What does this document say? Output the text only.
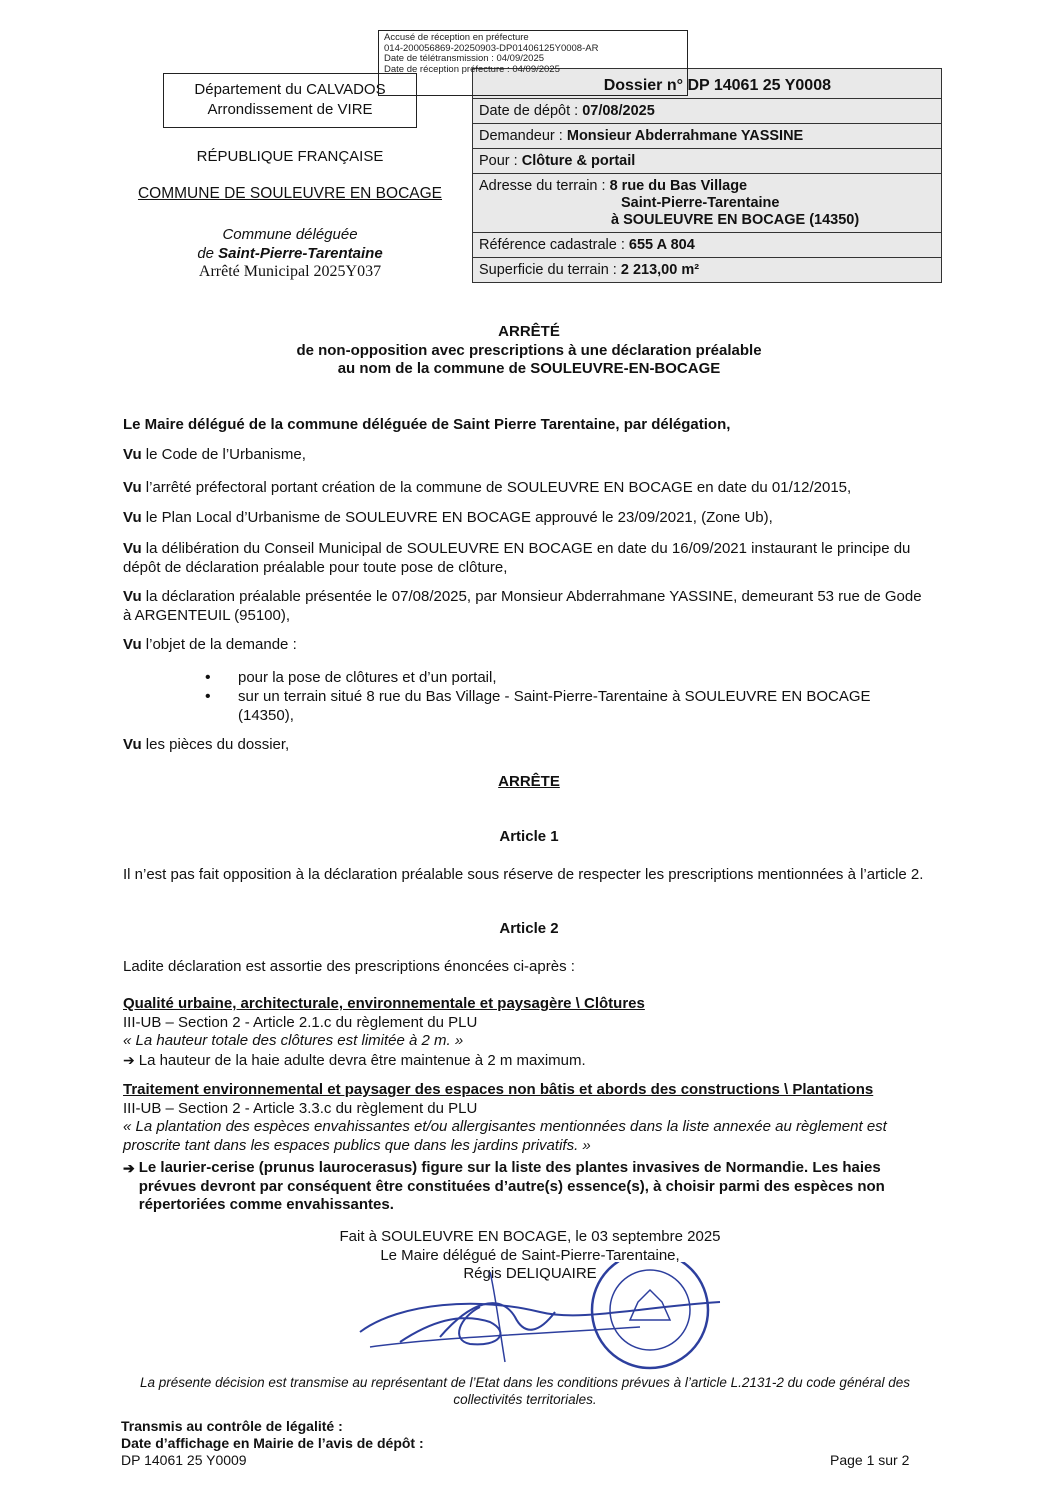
Accusé de réception en préfecture
014-200056869-20250903-DP01406125Y0008-AR
Date de télétransmission : 04/09/2025
Date de réception préfecture : 04/09/2025
Département du CALVADOS
Arrondissement de VIRE
RÉPUBLIQUE FRANÇAISE
COMMUNE DE SOULEUVRE EN BOCAGE
Commune déléguée
de Saint-Pierre-Tarentaine
Arrêté Municipal 2025Y037
Dossier n° DP 14061 25 Y0008
Date de dépôt : 07/08/2025
Demandeur : Monsieur Abderrahmane YASSINE
Pour : Clôture & portail
Adresse du terrain : 8 rue du Bas Village
Saint-Pierre-Tarentaine
à SOULEUVRE EN BOCAGE (14350)
Référence cadastrale : 655 A 804
Superficie du terrain : 2 213,00 m²
ARRÊTÉ
de non-opposition avec prescriptions à une déclaration préalable
au nom de la commune de SOULEUVRE-EN-BOCAGE
Le Maire délégué de la commune déléguée de Saint Pierre Tarentaine, par délégation,
Vu le Code de l’Urbanisme,
Vu l’arrêté préfectoral portant création de la commune de SOULEUVRE EN BOCAGE en date du 01/12/2015,
Vu le Plan Local d’Urbanisme de SOULEUVRE EN BOCAGE approuvé le 23/09/2021, (Zone Ub),
Vu la délibération du Conseil Municipal de SOULEUVRE EN BOCAGE en date du 16/09/2021 instaurant le principe du dépôt de déclaration préalable pour toute pose de clôture,
Vu la déclaration préalable présentée le 07/08/2025, par Monsieur Abderrahmane YASSINE, demeurant 53 rue de Gode à ARGENTEUIL (95100),
Vu l’objet de la demande :
• pour la pose de clôtures et d’un portail,
• sur un terrain situé 8 rue du Bas Village - Saint-Pierre-Tarentaine à SOULEUVRE EN BOCAGE (14350),
Vu les pièces du dossier,
ARRÊTE
Article 1
Il n’est pas fait opposition à la déclaration préalable sous réserve de respecter les prescriptions mentionnées à l’article 2.
Article 2
Ladite déclaration est assortie des prescriptions énoncées ci-après :
Qualité urbaine, architecturale, environnementale et paysagère \ Clôtures
III-UB – Section 2 - Article 2.1.c du règlement du PLU
« La hauteur totale des clôtures est limitée à 2 m. »
➔ La hauteur de la haie adulte devra être maintenue à 2 m maximum.
Traitement environnemental et paysager des espaces non bâtis et abords des constructions \ Plantations
III-UB – Section 2 - Article 3.3.c du règlement du PLU
« La plantation des espèces envahissantes et/ou allergisantes mentionnées dans la liste annexée au règlement est proscrite tant dans les espaces publics que dans les jardins privatifs. »
➔ Le laurier-cerise (prunus laurocerasus) figure sur la liste des plantes invasives de Normandie. Les haies prévues devront par conséquent être constituées d’autre(s) essence(s), à choisir parmi des espèces non répertoriées comme envahissantes.
Fait à SOULEUVRE EN BOCAGE, le 03 septembre 2025
Le Maire délégué de Saint-Pierre-Tarentaine,
Régis DELIQUAIRE
La présente décision est transmise au représentant de l’Etat dans les conditions prévues à l’article L.2131-2 du code général des collectivités territoriales.
Transmis au contrôle de légalité :
Date d’affichage en Mairie de l’avis de dépôt :
DP 14061 25 Y0009	Page 1 sur 2
